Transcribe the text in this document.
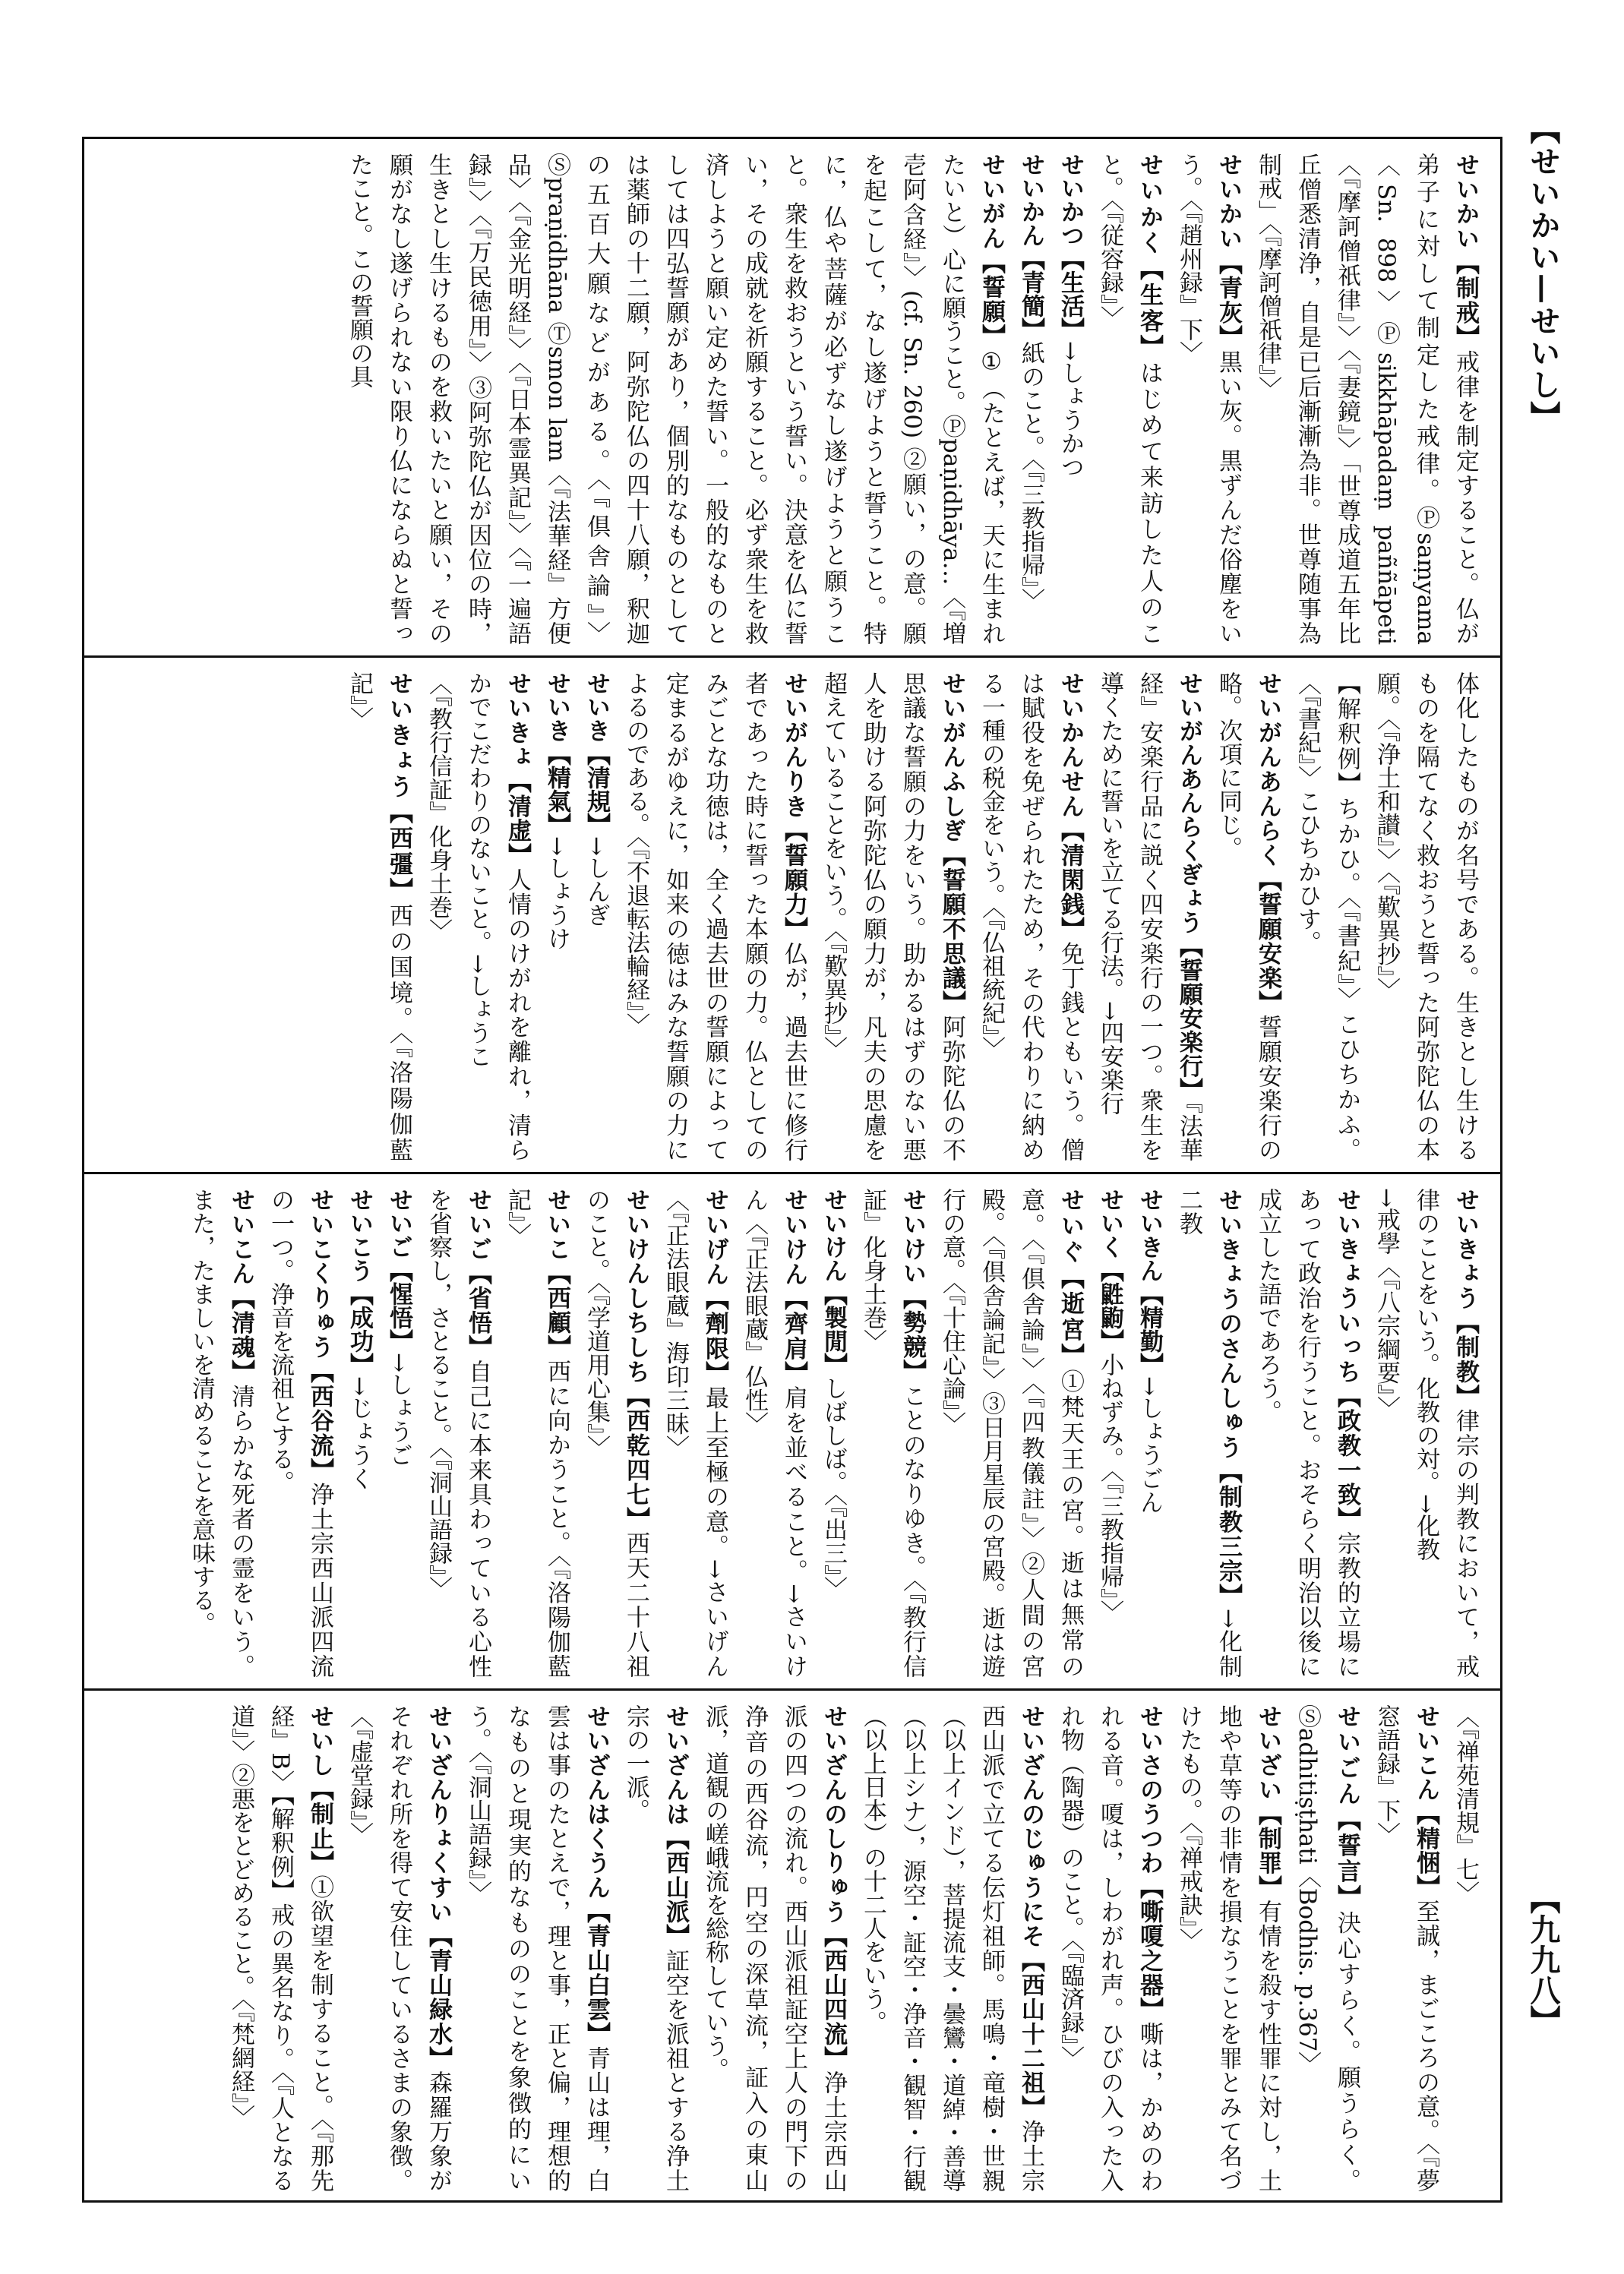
【せいかい—せいし】
【九九八】
せいかい【制戒】戒律を制定すること。仏が弟子に対して制定した戒律。Ⓟsaṃyama〈Sn. 898〉Ⓟsikkhāpadaṃ paññāpeti〈『摩訶僧祇律』〉〈『妻鏡』〉「世尊成道五年比丘僧悉清浄，自是已后漸漸為非。世尊随事為制戒」〈『摩訶僧祇律』〉
せいかい【青灰】黒い灰。黒ずんだ俗塵をいう。〈『趙州録』下〉
せいかく【生客】はじめて来訪した人のこと。〈『従容録』〉
せいかつ【生活】→しょうかつ
せいかん【青簡】紙のこと。〈『三教指帰』〉
せいがん【誓願】①（たとえば，天に生まれたいと）心に願うこと。Ⓟpaṇidhāya…〈『増壱阿含経』〉(cf. Sn. 260) ②願い，の意。願を起こして，なし遂げようと誓うこと。特に，仏や菩薩が必ずなし遂げようと願うこと。衆生を救おうという誓い。決意を仏に誓い，その成就を祈願すること。必ず衆生を救済しようと願い定めた誓い。一般的なものとしては四弘誓願があり，個別的なものとしては薬師の十二願，阿弥陀仏の四十八願，釈迦の五百大願などがある。〈『倶舎論』〉Ⓢpraṇidhāna Ⓣsmon lam〈『法華経』方便品〉〈『金光明経』〉〈『日本霊異記』〉〈『一遍語録』〉〈『万民徳用』〉③阿弥陀仏が因位の時，生きとし生けるものを救いたいと願い，その願がなし遂げられない限り仏にならぬと誓ったこと。この誓願の具
体化したものが名号である。生きとし生けるものを隔てなく救おうと誓った阿弥陀仏の本願。〈『浄土和讃』〉〈『歎異抄』〉
【解釈例】ちかひ。〈『書紀』〉こひちかふ。〈『書紀』〉こひちかひす。
せいがんあんらく【誓願安楽】誓願安楽行の略。次項に同じ。
せいがんあんらくぎょう【誓願安楽行】『法華経』安楽行品に説く四安楽行の一つ。衆生を導くために誓いを立てる行法。→四安楽行
せいかんせん【清閑銭】免丁銭ともいう。僧は賦役を免ぜられたため，その代わりに納める一種の税金をいう。〈『仏祖統紀』〉
せいがんふしぎ【誓願不思議】阿弥陀仏の不思議な誓願の力をいう。助かるはずのない悪人を助ける阿弥陀仏の願力が，凡夫の思慮を超えていることをいう。〈『歎異抄』〉
せいがんりき【誓願力】仏が，過去世に修行者であった時に誓った本願の力。仏としてのみごとな功徳は，全く過去世の誓願によって定まるがゆえに，如来の徳はみな誓願の力によるのである。〈『不退転法輪経』〉
せいき【清規】→しんぎ
せいき【精氣】→しょうけ
せいきょ【清虚】人情のけがれを離れ，清らかでこだわりのないこと。→しょうこ
〈『教行信証』化身土巻〉
せいきょう【西彊】西の国境。〈『洛陽伽藍記』〉
せいきょう【制教】律宗の判教において，戒律のことをいう。化教の対。→化教
→戒學〈『八宗綱要』〉
せいきょういっち【政教一致】宗教的立場にあって政治を行うこと。おそらく明治以後に成立した語であろう。
せいきょうのさんしゅう【制教三宗】→化制二教
せいきん【精勤】→しょうごん
せいく【鼪鼩】小ねずみ。〈『三教指帰』〉
せいぐ【逝宮】①梵天王の宮。逝は無常の意。〈『倶舎論』〉〈『四教儀註』〉②人間の宮殿。〈『倶舎論記』〉③日月星辰の宮殿。逝は遊行の意。〈『十住心論』〉
せいけい【勢競】ことのなりゆき。〈『教行信証』化身土巻〉
せいけん【製閒】しばしば。〈『出三』〉
せいけん【齊肩】肩を並べること。→さいけん〈『正法眼蔵』仏性〉
せいげん【劑限】最上至極の意。→さいげん〈『正法眼蔵』海印三昧〉
せいけんしちしち【西乾四七】西天二十八祖のこと。〈『学道用心集』〉
せいこ【西顧】西に向かうこと。〈『洛陽伽藍記』〉
せいご【省悟】自己に本来具わっている心性を省察し，さとること。〈『洞山語録』〉
せいご【惺悟】→しょうご
せいこう【成功】→じょうく
せいこくりゅう【西谷流】浄土宗西山派四流の一つ。浄音を流祖とする。
せいこん【清魂】清らかな死者の霊をいう。また，たましいを清めることを意味する。
〈『禅苑清規』七〉
せいこん【精悃】至誠，まごころの意。〈『夢窓語録』下〉
せいごん【誓言】決心すらく。願うらく。Ⓢadhitiṣṭhati〈Bodhis. p.367〉
せいざい【制罪】有情を殺す性罪に対し，土地や草等の非情を損なうことを罪とみて名づけたもの。〈『禅戒訣』〉
せいさのうつわ【嘶嗄之器】嘶は，かめのわれる音。嗄は，しわがれ声。ひびの入った入れ物（陶器）のこと。〈『臨済録』〉
せいざんのじゅうにそ【西山十二祖】浄土宗西山派で立てる伝灯祖師。馬鳴・竜樹・世親（以上インド），菩提流支・曇鸞・道綽・善導（以上シナ），源空・証空・浄音・観智・行観（以上日本）の十二人をいう。
せいざんのしりゅう【西山四流】浄土宗西山派の四つの流れ。西山派祖証空上人の門下の浄音の西谷流，円空の深草流，証入の東山派，道観の嵯峨流を総称していう。
せいざんは【西山派】証空を派祖とする浄土宗の一派。
せいざんはくうん【青山白雲】青山は理，白雲は事のたとえで，理と事，正と偏，理想的なものと現実的なもののことを象徴的にいう。〈『洞山語録』〉
せいざんりょくすい【青山緑水】森羅万象がそれぞれ所を得て安住しているさまの象徴。〈『虚堂録』〉
せいし【制止】①欲望を制すること。〈『那先経』B〉【解釈例】戒の異名なり。〈『人となる道』〉②悪をとどめること。〈『梵網経』〉
